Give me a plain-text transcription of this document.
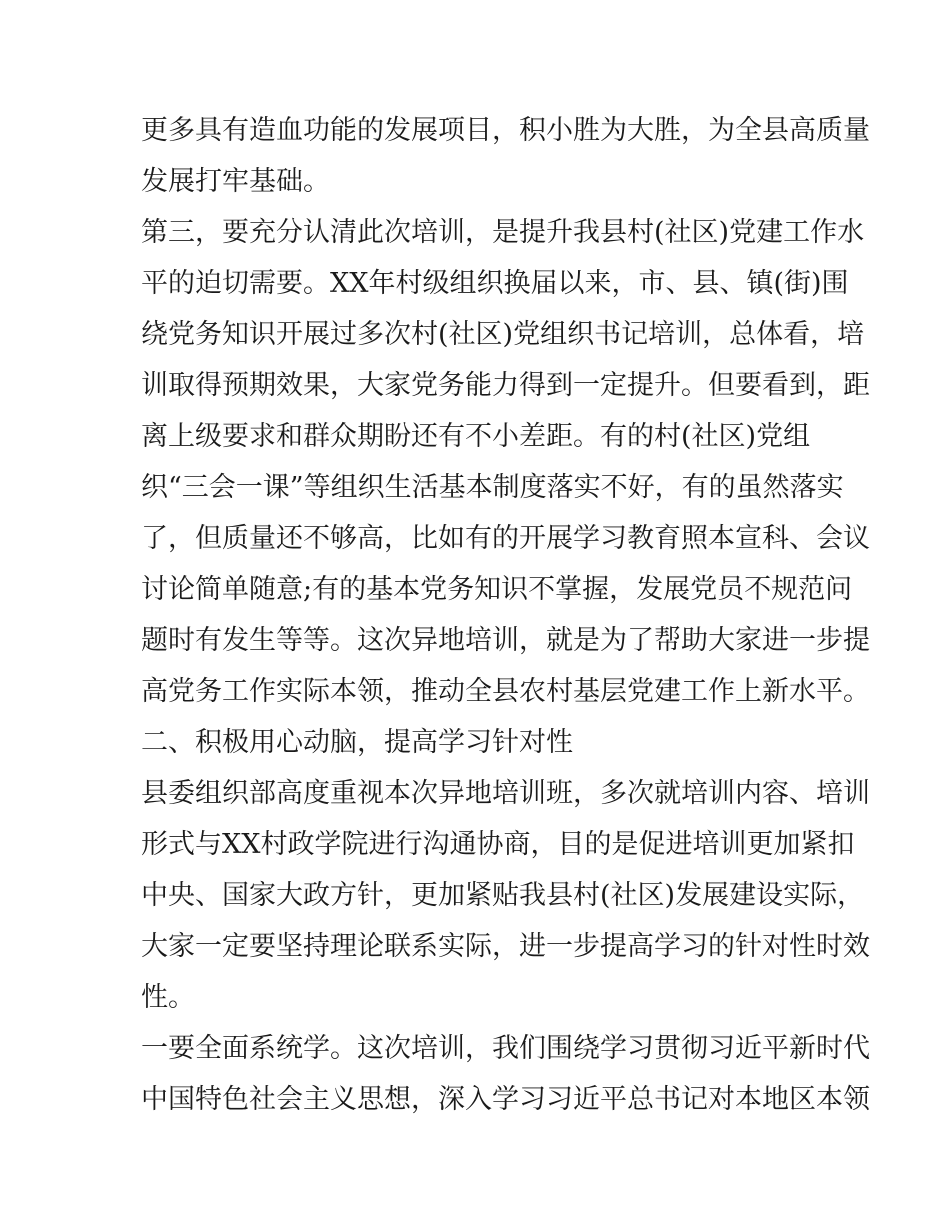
更多具有造血功能的发展项目，积小胜为大胜，为全县高质量
发展打牢基础。
第三，要充分认清此次培训，是提升我县村(社区)党建工作水
平的迫切需要。XX年村级组织换届以来，市、县、镇(街)围
绕党务知识开展过多次村(社区)党组织书记培训，总体看，培
训取得预期效果，大家党务能力得到一定提升。但要看到，距
离上级要求和群众期盼还有不小差距。有的村(社区)党组
织“三会一课”等组织生活基本制度落实不好，有的虽然落实
了，但质量还不够高，比如有的开展学习教育照本宣科、会议
讨论简单随意;有的基本党务知识不掌握，发展党员不规范问
题时有发生等等。这次异地培训，就是为了帮助大家进一步提
高党务工作实际本领，推动全县农村基层党建工作上新水平。
二、积极用心动脑，提高学习针对性
县委组织部高度重视本次异地培训班，多次就培训内容、培训
形式与XX村政学院进行沟通协商，目的是促进培训更加紧扣
中央、国家大政方针，更加紧贴我县村(社区)发展建设实际，
大家一定要坚持理论联系实际，进一步提高学习的针对性时效
性。
一要全面系统学。这次培训，我们围绕学习贯彻习近平新时代
中国特色社会主义思想，深入学习习近平总书记对本地区本领
